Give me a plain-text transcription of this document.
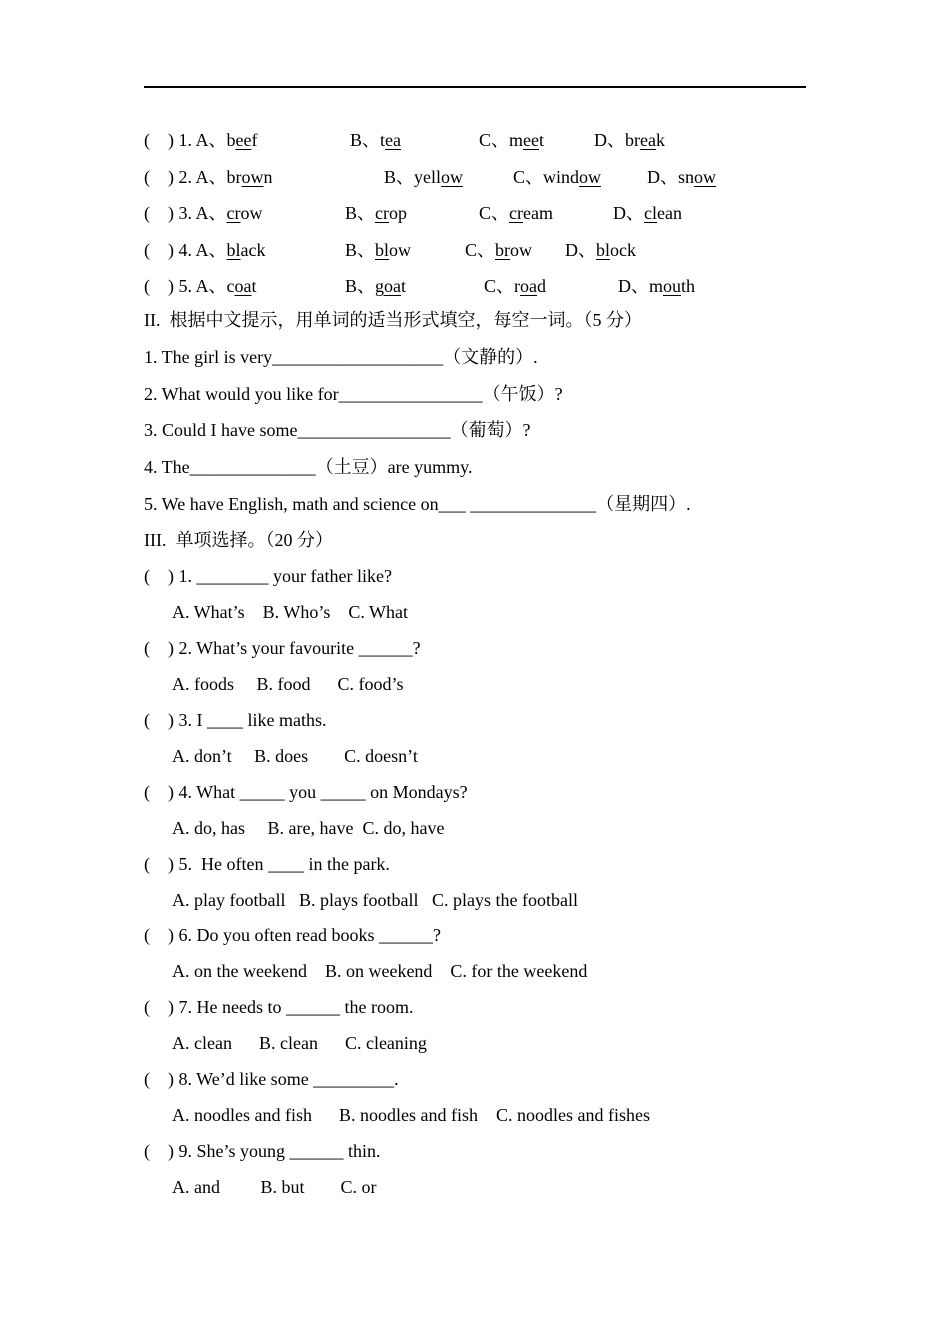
(    ) 1. A、beef	B、tea	C、meet	D、break
(    ) 2. A、brown	B、yellow	C、window	D、snow
(    ) 3. A、crow	B、crop	C、cream	D、clean
(    ) 4. A、black	B、blow	C、brow D、block
(    ) 5. A、coat	B、goat	C、road	D、mouth
II.  根据中文提示，用单词的适当形式填空，每空一词。（5 分）
1. The girl is very___________________（文静的）.
2. What would you like for________________（午饭）?
3. Could I have some_________________（葡萄）?
4. The______________（土豆）are yummy.
5. We have English, math and science on___ ______________（星期四）.
III.  单项选择。（20 分）
(    ) 1. ________ your father like?
A. What’s    B. Who’s    C. What
(    ) 2. What’s your favourite ______?
A. foods     B. food      C. food’s
(    ) 3. I ____ like maths.
A. don’t     B. does        C. doesn’t
(    ) 4. What _____ you _____ on Mondays?
A. do, has     B. are, have  C. do, have
(    ) 5.  He often ____ in the park.
A. play football   B. plays football   C. plays the football
(    ) 6. Do you often read books ______?
A. on the weekend    B. on weekend    C. for the weekend
(    ) 7. He needs to ______ the room.
A. clean      B. clean      C. cleaning
(    ) 8. We’d like some _________.
A. noodles and fish      B. noodles and fish    C. noodles and fishes
(    ) 9. She’s young ______ thin.
A. and         B. but        C. or
